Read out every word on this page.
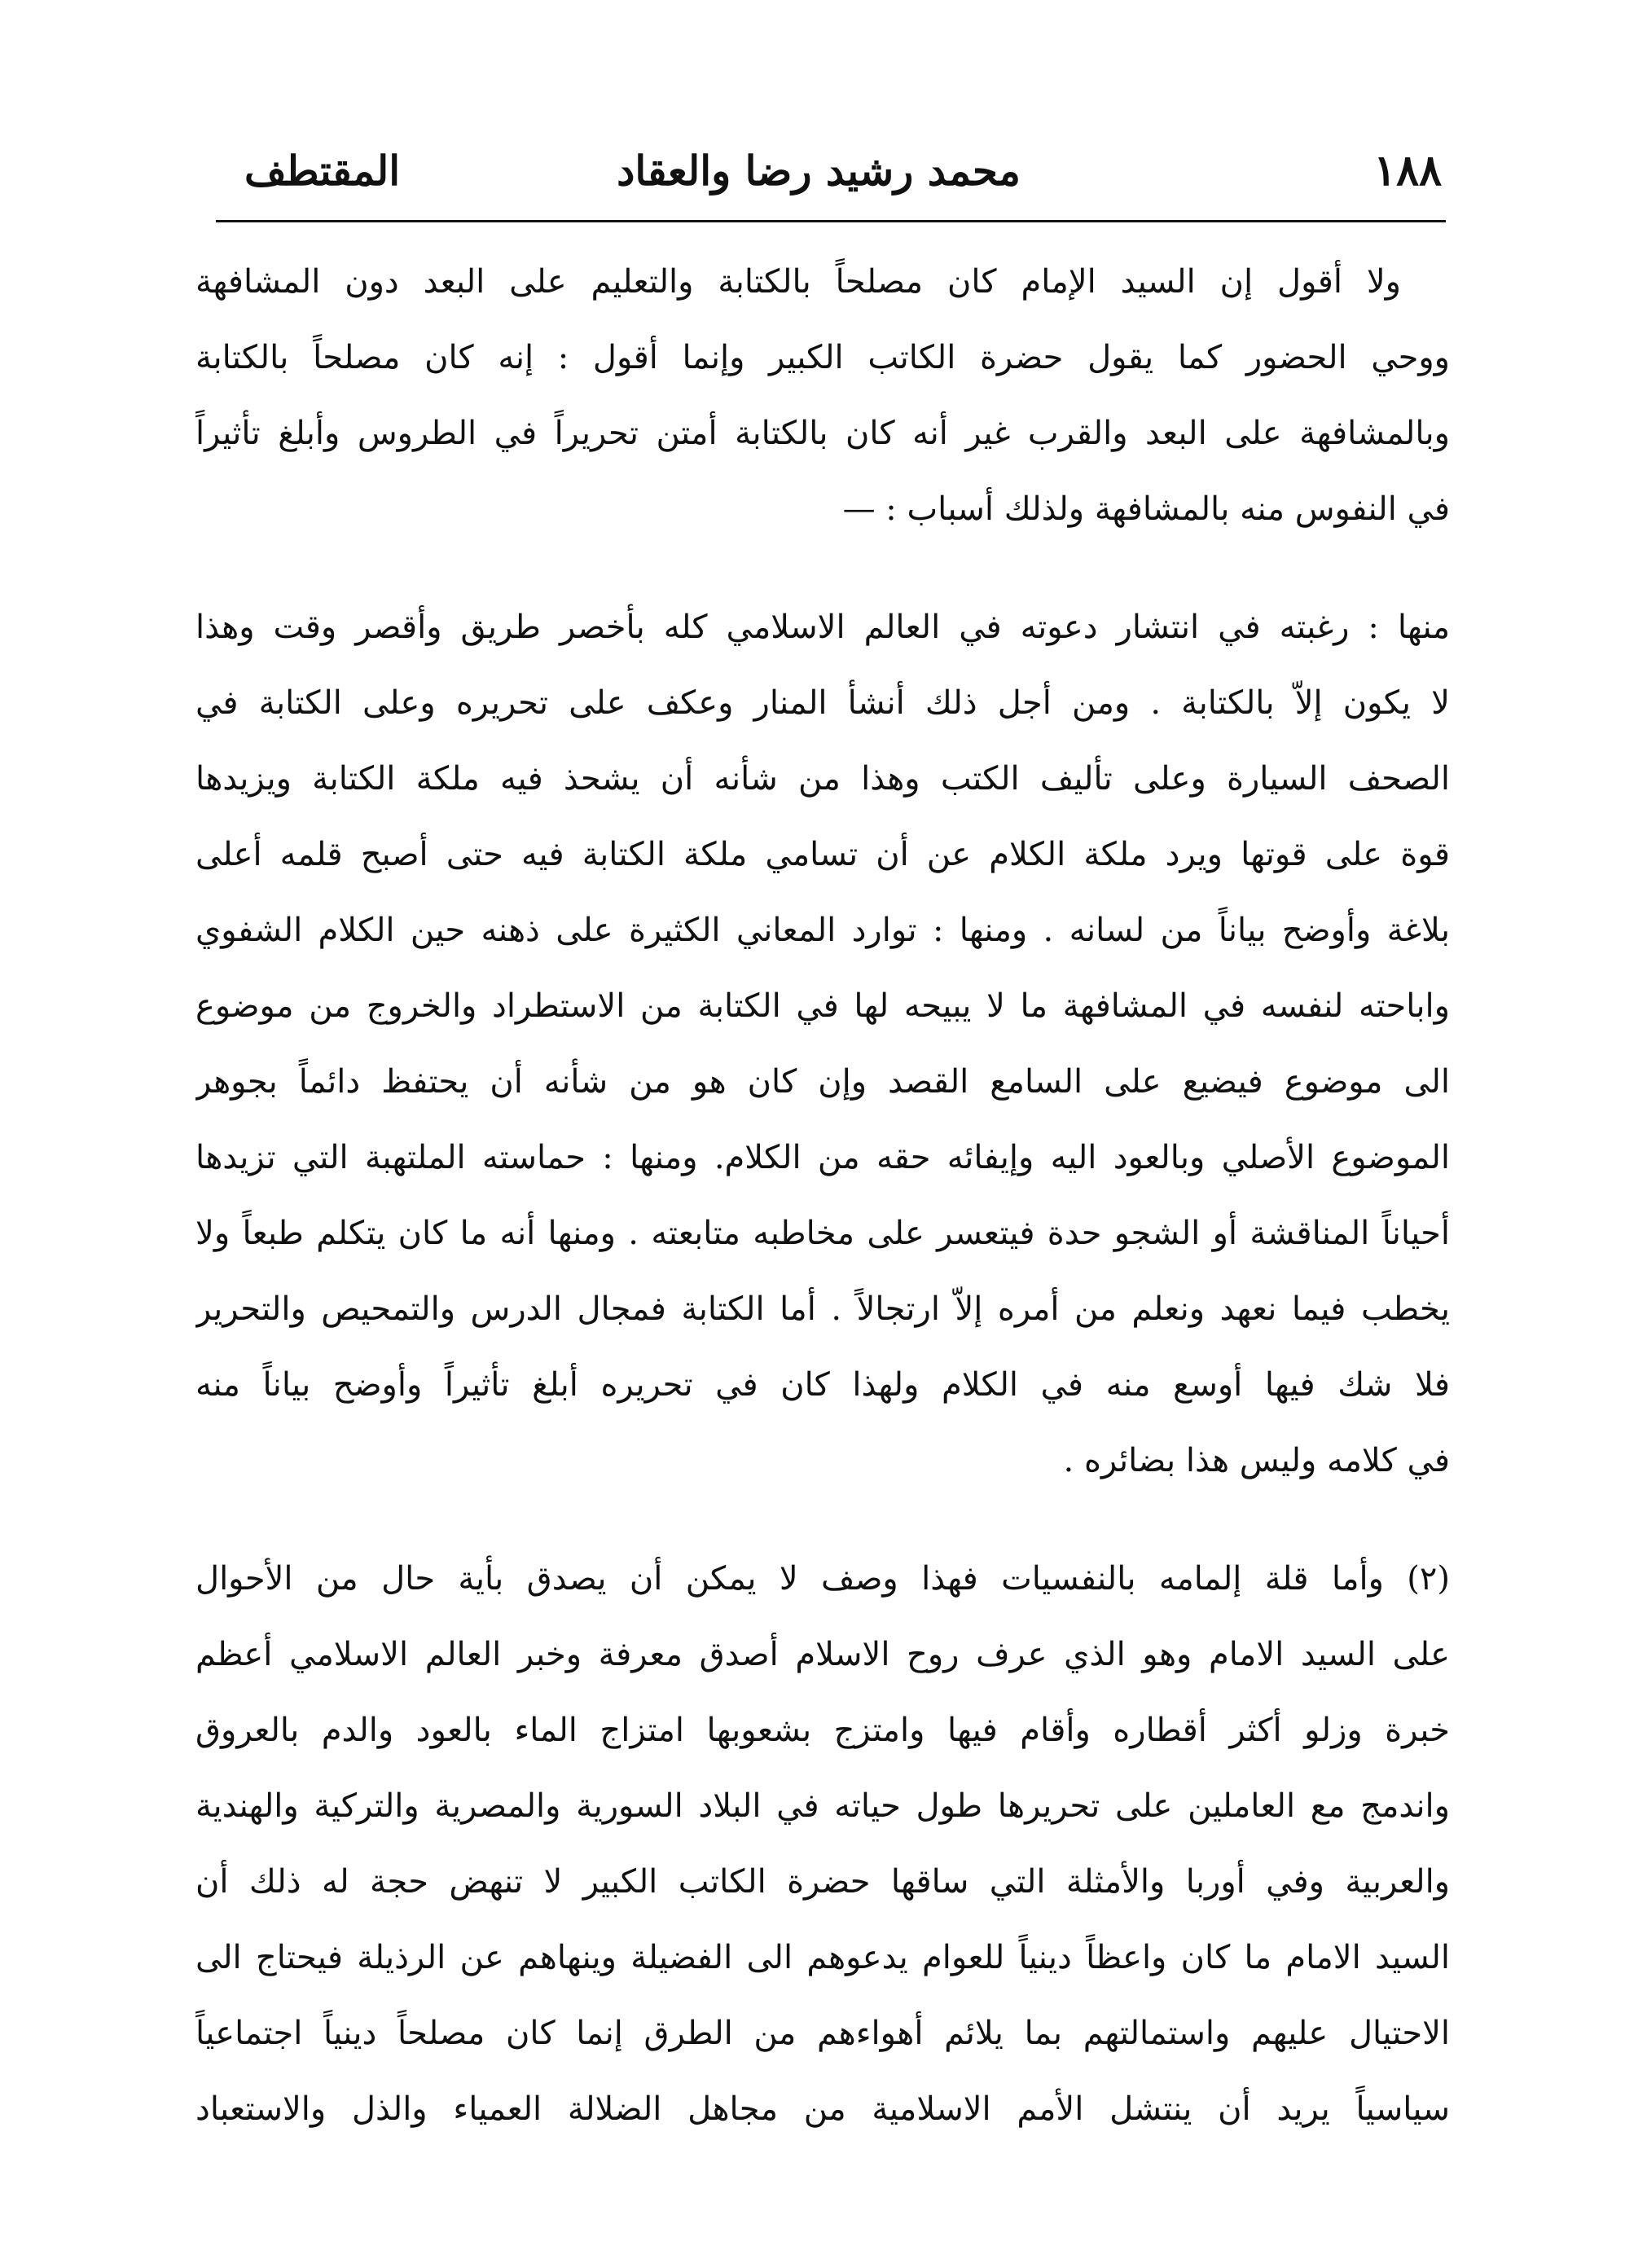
١٨٨
محمد رشيد رضا والعقاد
المقتطف

ولا أقول إن السيد الإمام كان مصلحاً بالكتابة والتعليم على البعد دون المشافهة
ووحي الحضور كما يقول حضرة الكاتب الكبير وإنما أقول : إنه كان مصلحاً بالكتابة
وبالمشافهة على البعد والقرب غير أنه كان بالكتابة أمتن تحريراً في الطروس وأبلغ تأثيراً
في النفوس منه بالمشافهة ولذلك أسباب : —

منها : رغبته في انتشار دعوته في العالم الاسلامي كله بأخصر طريق وأقصر وقت وهذا
لا يكون إلاّ بالكتابة . ومن أجل ذلك أنشأ المنار وعكف على تحريره وعلى الكتابة في
الصحف السيارة وعلى تأليف الكتب وهذا من شأنه أن يشحذ فيه ملكة الكتابة ويزيدها
قوة على قوتها ويرد ملكة الكلام عن أن تسامي ملكة الكتابة فيه حتى أصبح قلمه أعلى
بلاغة وأوضح بياناً من لسانه . ومنها : توارد المعاني الكثيرة على ذهنه حين الكلام الشفوي
واباحته لنفسه في المشافهة ما لا يبيحه لها في الكتابة من الاستطراد والخروج من موضوع
الى موضوع فيضيع على السامع القصد وإن كان هو من شأنه أن يحتفظ دائماً بجوهر
الموضوع الأصلي وبالعود اليه وإيفائه حقه من الكلام. ومنها : حماسته الملتهبة التي تزيدها
أحياناً المناقشة أو الشجو حدة فيتعسر على مخاطبه متابعته . ومنها أنه ما كان يتكلم طبعاً ولا
يخطب فيما نعهد ونعلم من أمره إلاّ ارتجالاً . أما الكتابة فمجال الدرس والتمحيص والتحرير
فلا شك فيها أوسع منه في الكلام ولهذا كان في تحريره أبلغ تأثيراً وأوضح بياناً منه
في كلامه وليس هذا بضائره .

(٢) وأما قلة إلمامه بالنفسيات فهذا وصف لا يمكن أن يصدق بأية حال من الأحوال
على السيد الامام وهو الذي عرف روح الاسلام أصدق معرفة وخبر العالم الاسلامي أعظم
خبرة وزلو أكثر أقطاره وأقام فيها وامتزج بشعوبها امتزاج الماء بالعود والدم بالعروق
واندمج مع العاملين على تحريرها طول حياته في البلاد السورية والمصرية والتركية والهندية
والعربية وفي أوربا والأمثلة التي ساقها حضرة الكاتب الكبير لا تنهض حجة له ذلك أن
السيد الامام ما كان واعظاً دينياً للعوام يدعوهم الى الفضيلة وينهاهم عن الرذيلة فيحتاج الى
الاحتيال عليهم واستمالتهم بما يلائم أهواءهم من الطرق إنما كان مصلحاً دينياً اجتماعياً
سياسياً يريد أن ينتشل الأمم الاسلامية من مجاهل الضلالة العمياء والذل والاستعباد
